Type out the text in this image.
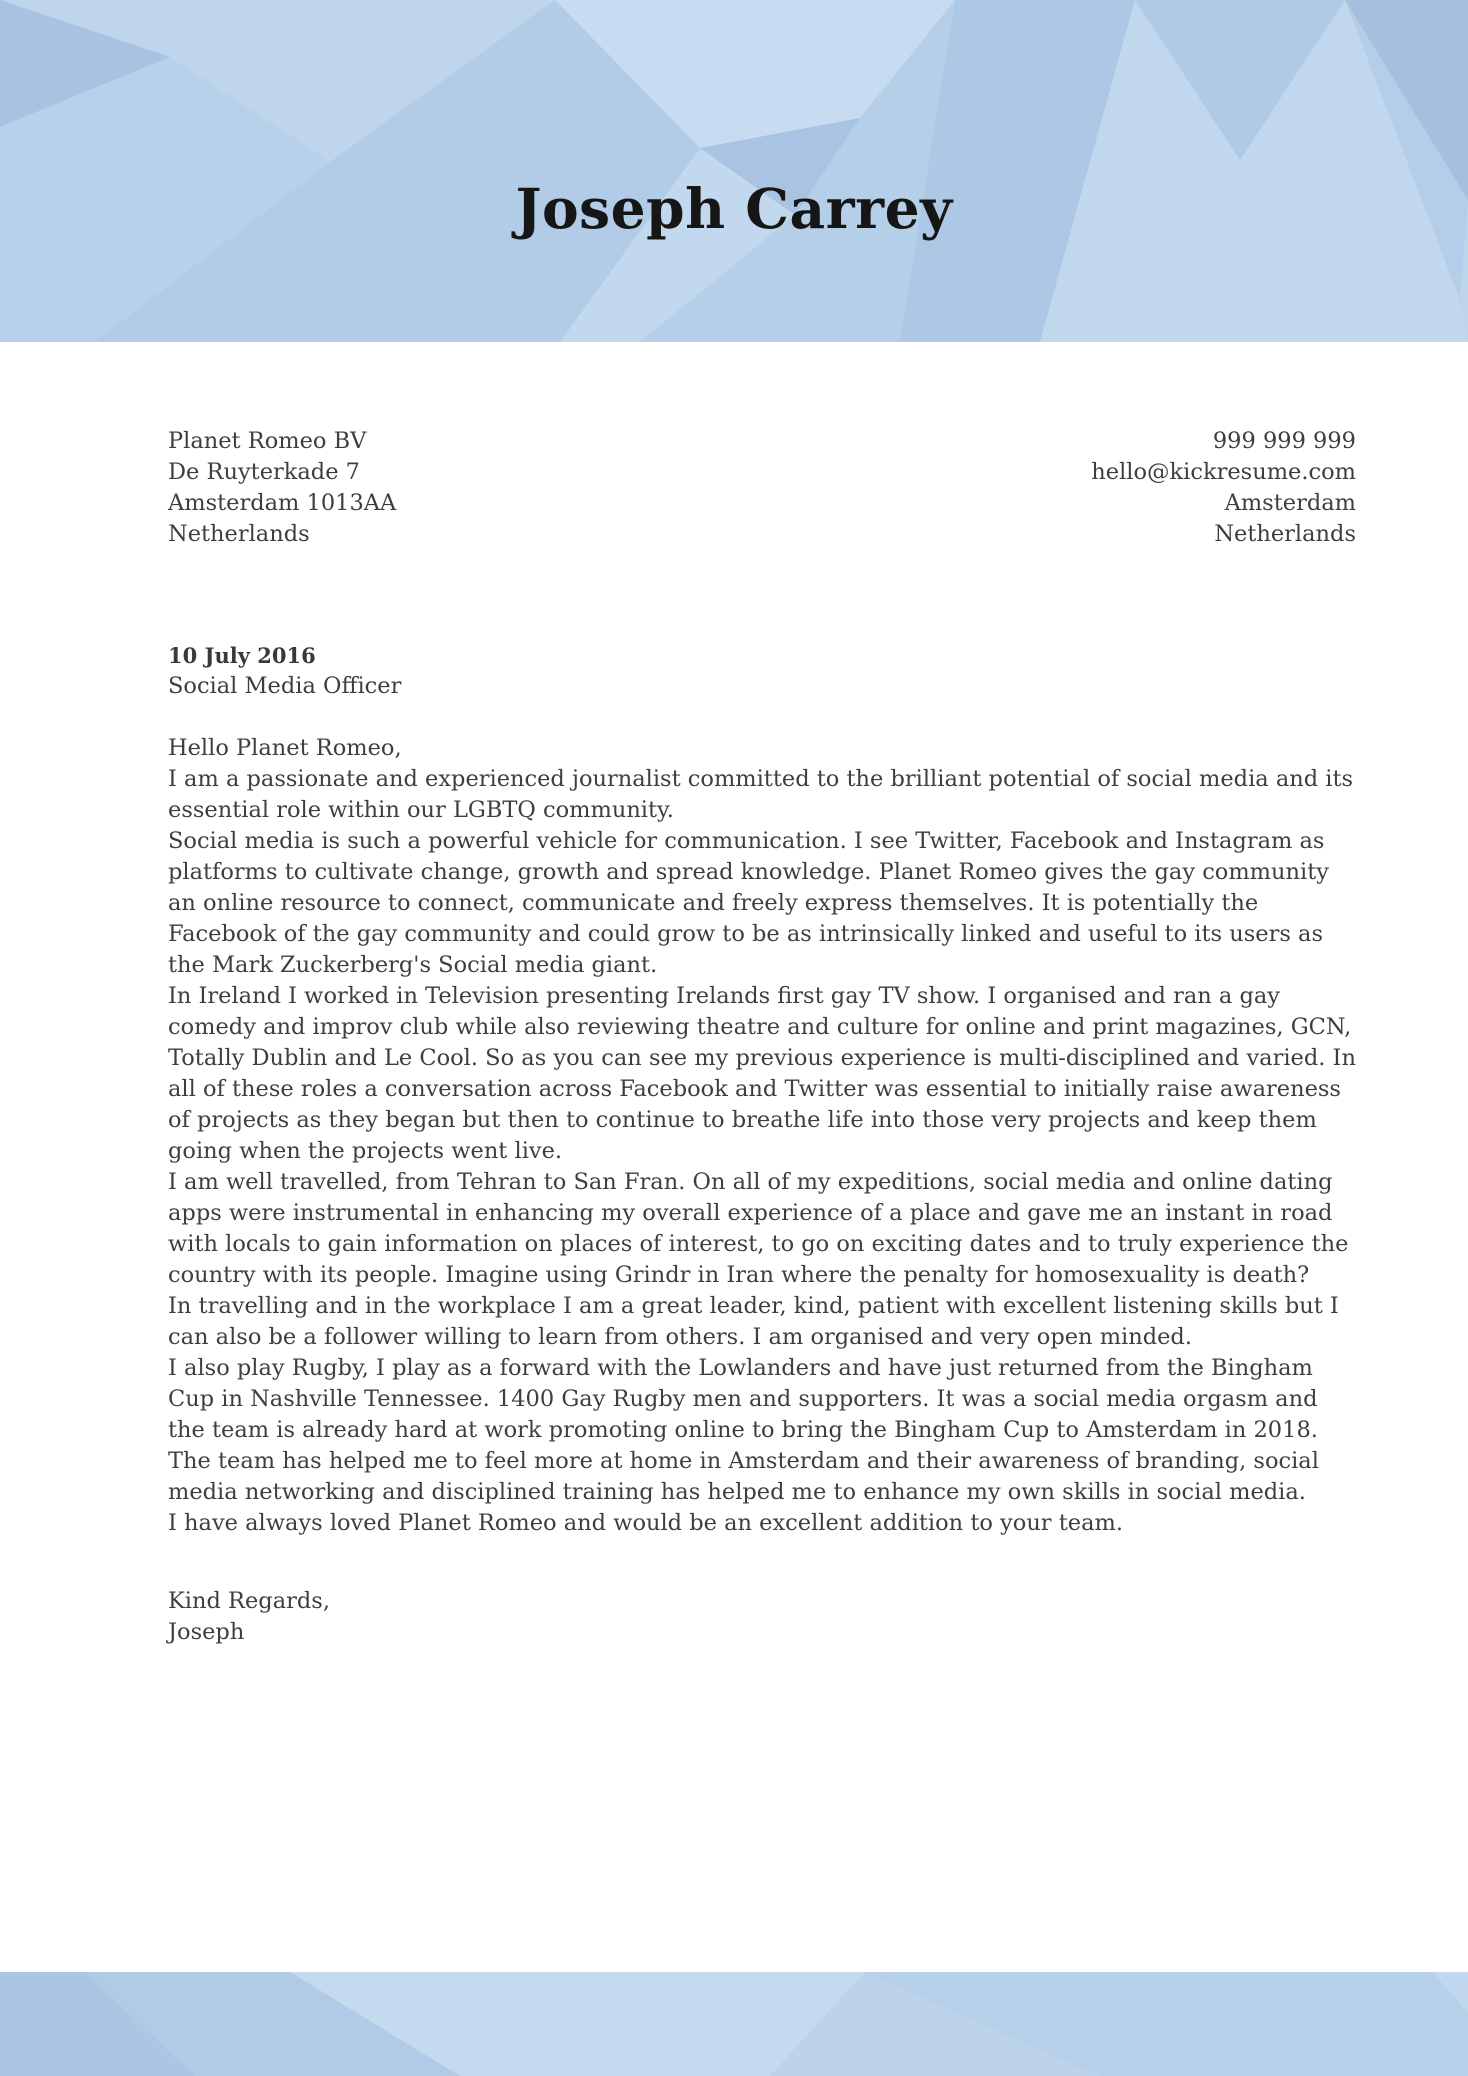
Joseph Carrey

Planet Romeo BV

De Ruyterkade 7

Amsterdam 1013AA

Netherlands

999 999 999

hello@kickresume.com

Amsterdam

Netherlands

10 July 2016

Social Media Officer

Hello Planet Romeo,

I am a passionate and experienced journalist committed to the brilliant potential of social media and its essential role within our LGBTQ community.

Social media is such a powerful vehicle for communication. I see Twitter, Facebook and Instagram as platforms to cultivate change, growth and spread knowledge. Planet Romeo gives the gay community an online resource to connect, communicate and freely express themselves. It is potentially the Facebook of the gay community and could grow to be as intrinsically linked and useful to its users as the Mark Zuckerberg's Social media giant.

In Ireland I worked in Television presenting Irelands first gay TV show. I organised and ran a gay comedy and improv club while also reviewing theatre and culture for online and print magazines, GCN, Totally Dublin and Le Cool. So as you can see my previous experience is multi-disciplined and varied. In all of these roles a conversation across Facebook and Twitter was essential to initially raise awareness of projects as they began but then to continue to breathe life into those very projects and keep them going when the projects went live.

I am well travelled, from Tehran to San Fran. On all of my expeditions, social media and online dating apps were instrumental in enhancing my overall experience of a place and gave me an instant in road with locals to gain information on places of interest, to go on exciting dates and to truly experience the country with its people. Imagine using Grindr in Iran where the penalty for homosexuality is death?

In travelling and in the workplace I am a great leader, kind, patient with excellent listening skills but I can also be a follower willing to learn from others. I am organised and very open minded.

I also play Rugby, I play as a forward with the Lowlanders and have just returned from the Bingham Cup in Nashville Tennessee. 1400 Gay Rugby men and supporters. It was a social media orgasm and the team is already hard at work promoting online to bring the Bingham Cup to Amsterdam in 2018. The team has helped me to feel more at home in Amsterdam and their awareness of branding, social media networking and disciplined training has helped me to enhance my own skills in social media.

I have always loved Planet Romeo and would be an excellent addition to your team.

Kind Regards,

Joseph
